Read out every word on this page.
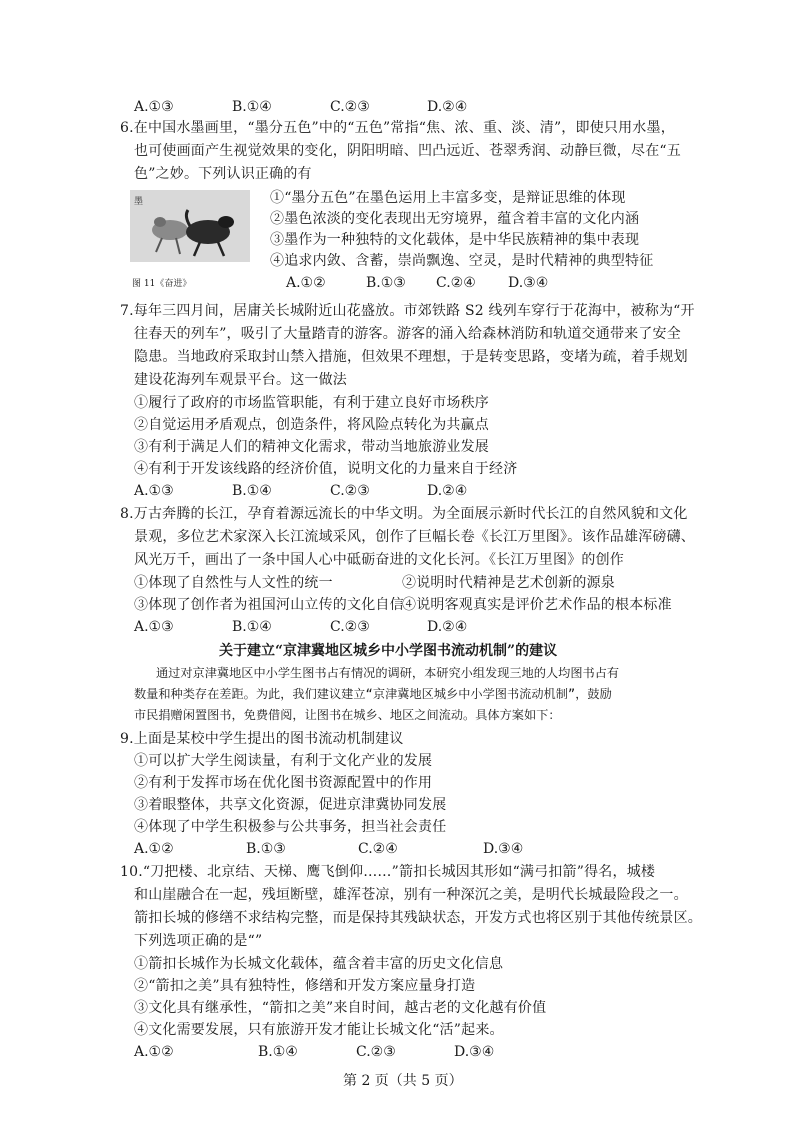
A.①③	B.①④	C.②③	D.②④
6.在中国水墨画里，“墨分五色”中的“五色”常指“焦、浓、重、淡、清”，即使只用水墨，
也可使画面产生视觉效果的变化，阴阳明暗、凹凸远近、苍翠秀润、动静巨微，尽在“五
色”之妙。下列认识正确的有
墨
图 11《奋进》
①“墨分五色”在墨色运用上丰富多变，是辩证思维的体现
②墨色浓淡的变化表现出无穷境界，蕴含着丰富的文化内涵
③墨作为一种独特的文化载体，是中华民族精神的集中表现
④追求内敛、含蓄，崇尚飘逸、空灵，是时代精神的典型特征
A.①②	B.①③ C.②④ D.③④
7.每年三四月间，居庸关长城附近山花盛放。市郊铁路 S2 线列车穿行于花海中，被称为“开
往春天的列车”，吸引了大量踏青的游客。游客的涌入给森林消防和轨道交通带来了安全
隐患。当地政府采取封山禁入措施，但效果不理想，于是转变思路，变堵为疏，着手规划
建设花海列车观景平台。这一做法
①履行了政府的市场监管职能，有利于建立良好市场秩序
②自觉运用矛盾观点，创造条件，将风险点转化为共赢点
③有利于满足人们的精神文化需求，带动当地旅游业发展
④有利于开发该线路的经济价值，说明文化的力量来自于经济
A.①③	B.①④	C.②③	D.②④
8.万古奔腾的长江，孕育着源远流长的中华文明。为全面展示新时代长江的自然风貌和文化
景观，多位艺术家深入长江流域采风，创作了巨幅长卷《长江万里图》。该作品雄浑磅礴、
风光万千，画出了一条中国人心中砥砺奋进的文化长河。《长江万里图》的创作
①体现了自然性与人文性的统一	②说明时代精神是艺术创新的源泉
③体现了创作者为祖国河山立传的文化自信
④说明客观真实是评价艺术作品的根本标准
A.①③	B.①④	C.②③	D.②④
关于建立“京津冀地区城乡中小学图书流动机制”的建议
通过对京津冀地区中小学生图书占有情况的调研，本研究小组发现三地的人均图书占有
数量和种类存在差距。为此，我们建议建立“京津冀地区城乡中小学图书流动机制”，鼓励
市民捐赠闲置图书，免费借阅，让图书在城乡、地区之间流动。具体方案如下：
9.上面是某校中学生提出的图书流动机制建议
①可以扩大学生阅读量，有利于文化产业的发展
②有利于发挥市场在优化图书资源配置中的作用
③着眼整体，共享文化资源，促进京津冀协同发展
④体现了中学生积极参与公共事务，担当社会责任
A.①②	B.①③	C.②④	D.③④
10.“刀把楼、北京结、天梯、鹰飞倒仰……”箭扣长城因其形如“满弓扣箭”得名，城楼
和山崖融合在一起，残垣断壁，雄浑苍凉，别有一种深沉之美，是明代长城最险段之一。
箭扣长城的修缮不求结构完整，而是保持其残缺状态，开发方式也将区别于其他传统景区。
下列选项正确的是“”
①箭扣长城作为长城文化载体，蕴含着丰富的历史文化信息
②“箭扣之美”具有独特性，修缮和开发方案应量身打造
③文化具有继承性，“箭扣之美”来自时间，越古老的文化越有价值
④文化需要发展，只有旅游开发才能让长城文化“活”起来。
A.①②	B.①④	C.②③	D.③④
第 2 页（共 5 页）
